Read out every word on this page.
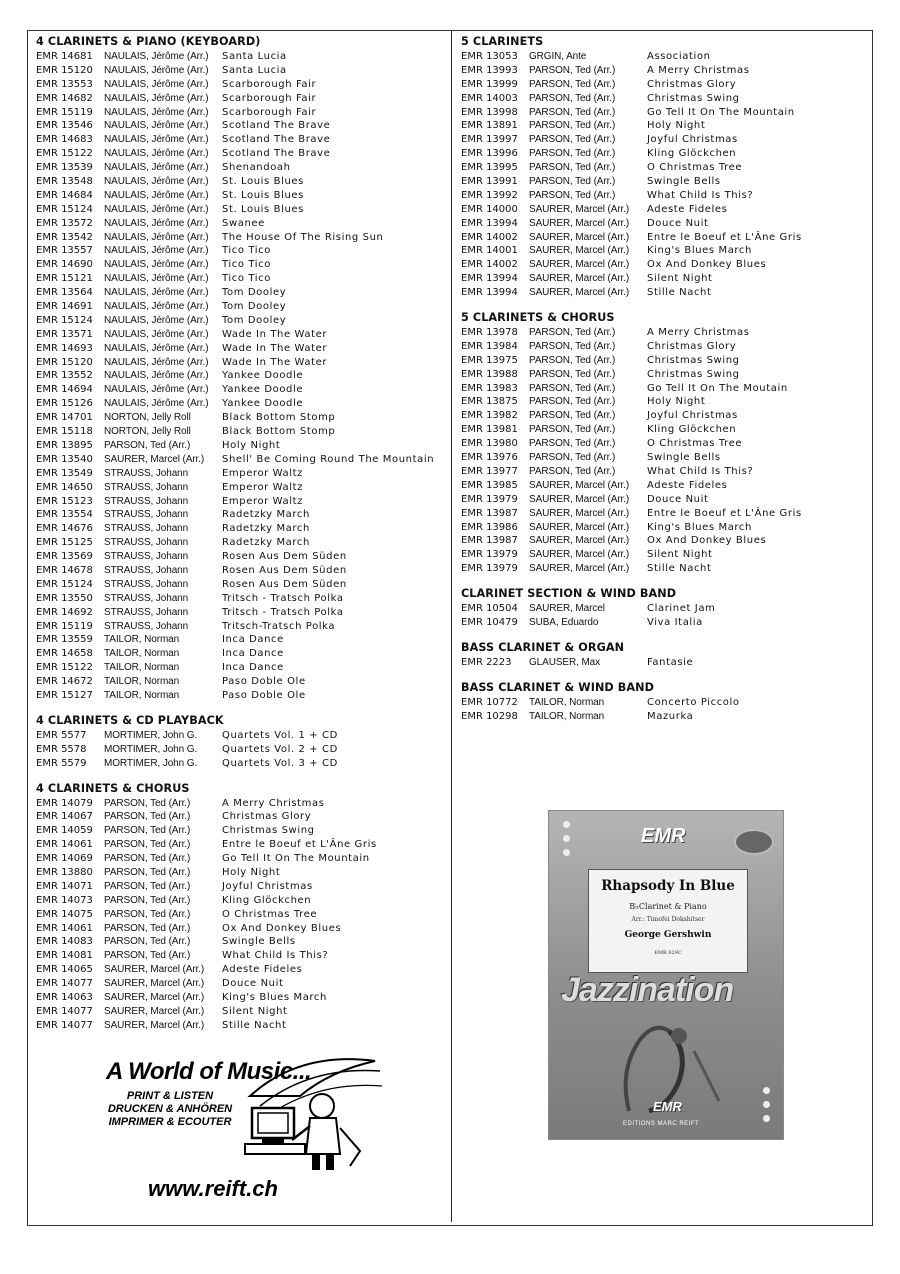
4 CLARINETS & PIANO (KEYBOARD)
EMR 14681 NAULAIS, Jérôme (Arr.) Santa Lucia
EMR 15120 NAULAIS, Jérôme (Arr.) Santa Lucia
EMR 13553 NAULAIS, Jérôme (Arr.) Scarborough Fair
EMR 14682 NAULAIS, Jérôme (Arr.) Scarborough Fair
EMR 15119 NAULAIS, Jérôme (Arr.) Scarborough Fair
EMR 13546 NAULAIS, Jérôme (Arr.) Scotland The Brave
EMR 14683 NAULAIS, Jérôme (Arr.) Scotland The Brave
EMR 15122 NAULAIS, Jérôme (Arr.) Scotland The Brave
EMR 13539 NAULAIS, Jérôme (Arr.) Shenandoah
EMR 13548 NAULAIS, Jérôme (Arr.) St. Louis Blues
EMR 14684 NAULAIS, Jérôme (Arr.) St. Louis Blues
EMR 15124 NAULAIS, Jérôme (Arr.) St. Louis Blues
EMR 13572 NAULAIS, Jérôme (Arr.) Swanee
EMR 13542 NAULAIS, Jérôme (Arr.) The House Of The Rising Sun
EMR 13557 NAULAIS, Jérôme (Arr.) Tico Tico
EMR 14690 NAULAIS, Jérôme (Arr.) Tico Tico
EMR 15121 NAULAIS, Jérôme (Arr.) Tico Tico
EMR 13564 NAULAIS, Jérôme (Arr.) Tom Dooley
EMR 14691 NAULAIS, Jérôme (Arr.) Tom Dooley
EMR 15124 NAULAIS, Jérôme (Arr.) Tom Dooley
EMR 13571 NAULAIS, Jérôme (Arr.) Wade In The Water
EMR 14693 NAULAIS, Jérôme (Arr.) Wade In The Water
EMR 15120 NAULAIS, Jérôme (Arr.) Wade In The Water
EMR 13552 NAULAIS, Jérôme (Arr.) Yankee Doodle
EMR 14694 NAULAIS, Jérôme (Arr.) Yankee Doodle
EMR 15126 NAULAIS, Jérôme (Arr.) Yankee Doodle
EMR 14701 NORTON, Jelly Roll	Black Bottom Stomp
EMR 15118 NORTON, Jelly Roll	Black Bottom Stomp
EMR 13895 PARSON, Ted (Arr.)	Holy Night
EMR 13540 SAURER, Marcel (Arr.) Shell' Be Coming Round The Mountain
EMR 13549 STRAUSS, Johann	Emperor Waltz
EMR 14650 STRAUSS, Johann	Emperor Waltz
EMR 15123 STRAUSS, Johann	Emperor Waltz
EMR 13554 STRAUSS, Johann	Radetzky March
EMR 14676 STRAUSS, Johann	Radetzky March
EMR 15125 STRAUSS, Johann	Radetzky March
EMR 13569 STRAUSS, Johann	Rosen Aus Dem Süden
EMR 14678 STRAUSS, Johann	Rosen Aus Dem Süden
EMR 15124 STRAUSS, Johann	Rosen Aus Dem Süden
EMR 13550 STRAUSS, Johann	Tritsch - Tratsch Polka
EMR 14692 STRAUSS, Johann	Tritsch - Tratsch Polka
EMR 15119 STRAUSS, Johann	Tritsch-Tratsch Polka
EMR 13559 TAILOR, Norman	Inca Dance
EMR 14658 TAILOR, Norman	Inca Dance
EMR 15122 TAILOR, Norman	Inca Dance
EMR 14672 TAILOR, Norman	Paso Doble Ole
EMR 15127 TAILOR, Norman	Paso Doble Ole
4 CLARINETS & CD PLAYBACK
EMR 5577 MORTIMER, John G. Quartets Vol. 1 + CD
EMR 5578 MORTIMER, John G. Quartets Vol. 2 + CD
EMR 5579 MORTIMER, John G. Quartets Vol. 3 + CD
4 CLARINETS & CHORUS
EMR 14079 PARSON, Ted (Arr.)	A Merry Christmas
EMR 14067 PARSON, Ted (Arr.)	Christmas Glory
EMR 14059 PARSON, Ted (Arr.)	Christmas Swing
EMR 14061 PARSON, Ted (Arr.)	Entre le Boeuf et L'Âne Gris
EMR 14069 PARSON, Ted (Arr.)	Go Tell It On The Mountain
EMR 13880 PARSON, Ted (Arr.)	Holy Night
EMR 14071 PARSON, Ted (Arr.)	Joyful Christmas
EMR 14073 PARSON, Ted (Arr.)	Kling Glöckchen
EMR 14075 PARSON, Ted (Arr.)	O Christmas Tree
EMR 14061 PARSON, Ted (Arr.)	Ox And Donkey Blues
EMR 14083 PARSON, Ted (Arr.)	Swingle Bells
EMR 14081 PARSON, Ted (Arr.)	What Child Is This?
EMR 14065 SAURER, Marcel (Arr.) Adeste Fideles
EMR 14077 SAURER, Marcel (Arr.) Douce Nuit
EMR 14063 SAURER, Marcel (Arr.) King's Blues March
EMR 14077 SAURER, Marcel (Arr.) Silent Night
EMR 14077 SAURER, Marcel (Arr.) Stille Nacht
5 CLARINETS
EMR 13053 GRGIN, Ante	Association
EMR 13993 PARSON, Ted (Arr.)	A Merry Christmas
EMR 13999 PARSON, Ted (Arr.)	Christmas Glory
EMR 14003 PARSON, Ted (Arr.)	Christmas Swing
EMR 13998 PARSON, Ted (Arr.)	Go Tell It On The Mountain
EMR 13891 PARSON, Ted (Arr.)	Holy Night
EMR 13997 PARSON, Ted (Arr.)	Joyful Christmas
EMR 13996 PARSON, Ted (Arr.)	Kling Glöckchen
EMR 13995 PARSON, Ted (Arr.)	O Christmas Tree
EMR 13991 PARSON, Ted (Arr.)	Swingle Bells
EMR 13992 PARSON, Ted (Arr.)	What Child Is This?
EMR 14000 SAURER, Marcel (Arr.) Adeste Fideles
EMR 13994 SAURER, Marcel (Arr.) Douce Nuit
EMR 14002 SAURER, Marcel (Arr.) Entre le Boeuf et L'Âne Gris
EMR 14001 SAURER, Marcel (Arr.) King's Blues March
EMR 14002 SAURER, Marcel (Arr.) Ox And Donkey Blues
EMR 13994 SAURER, Marcel (Arr.) Silent Night
EMR 13994 SAURER, Marcel (Arr.) Stille Nacht
5 CLARINETS & CHORUS
EMR 13978 PARSON, Ted (Arr.)	A Merry Christmas
EMR 13984 PARSON, Ted (Arr.)	Christmas Glory
EMR 13975 PARSON, Ted (Arr.)	Christmas Swing
EMR 13988 PARSON, Ted (Arr.)	Christmas Swing
EMR 13983 PARSON, Ted (Arr.)	Go Tell It On The Moutain
EMR 13875 PARSON, Ted (Arr.)	Holy Night
EMR 13982 PARSON, Ted (Arr.)	Joyful Christmas
EMR 13981 PARSON, Ted (Arr.)	Kling Glöckchen
EMR 13980 PARSON, Ted (Arr.)	O Christmas Tree
EMR 13976 PARSON, Ted (Arr.)	Swingle Bells
EMR 13977 PARSON, Ted (Arr.)	What Child Is This?
EMR 13985 SAURER, Marcel (Arr.) Adeste Fideles
EMR 13979 SAURER, Marcel (Arr.) Douce Nuit
EMR 13987 SAURER, Marcel (Arr.) Entre le Boeuf et L'Âne Gris
EMR 13986 SAURER, Marcel (Arr.) King's Blues March
EMR 13987 SAURER, Marcel (Arr.) Ox And Donkey Blues
EMR 13979 SAURER, Marcel (Arr.) Silent Night
EMR 13979 SAURER, Marcel (Arr.) Stille Nacht
CLARINET SECTION & WIND BAND
EMR 10504 SAURER, Marcel	Clarinet Jam
EMR 10479 SUBA, Eduardo	Viva Italia
BASS CLARINET & ORGAN
EMR 2223 GLAUSER, Max	Fantasie
BASS CLARINET & WIND BAND
EMR 10772 TAILOR, Norman	Concerto Piccolo
EMR 10298 TAILOR, Norman	Mazurka
A World of Music...
PRINT & LISTEN
DRUCKEN & ANHÖREN
IMPRIMER & ECOUTER
www.reift.ch
EMR
Rhapsody In Blue
B♭Clarinet & Piano
Arr.: Timofei Dokshitser
George Gershwin
EMR 629C
Jazzination
EMR
EDITIONS MARC REIFT
